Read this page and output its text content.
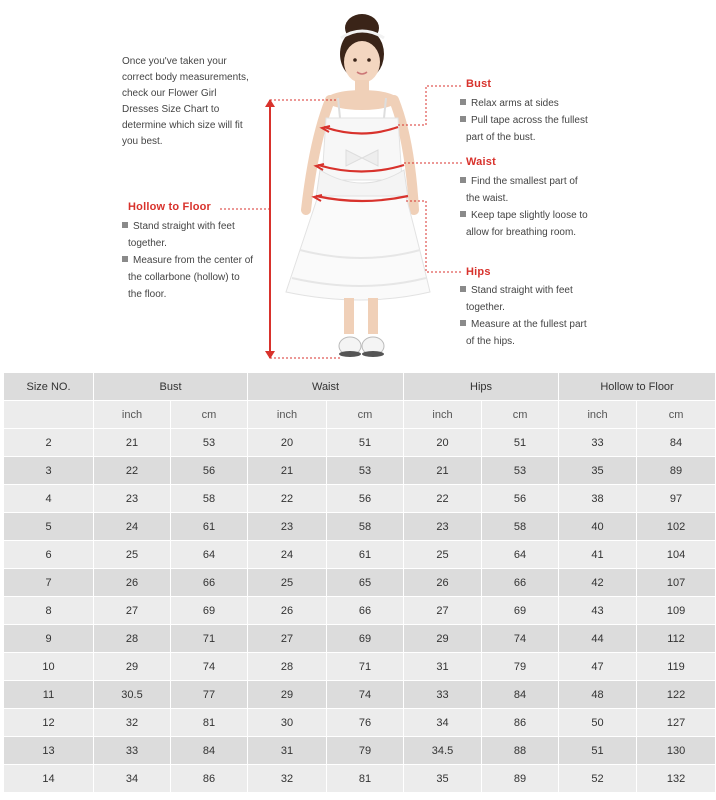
Once you've taken your
correct body measurements,
check our Flower Girl
Dresses Size Chart to
determine which size will fit
you best.
Bust
Relax arms at sides
Pull tape across the fullest
part of the bust.
Waist
Find the smallest part of
the waist.
Keep tape slightly loose to
allow for breathing room.
Hips
Stand straight with feet
together.
Measure at the fullest part
of the hips.
Hollow to Floor
Stand straight with feet
together.
Measure from the center of
the collarbone (hollow) to
the floor.
Size NO.	Bust		Waist		Hips		Hollow to Floor	
	inch	cm	inch	cm	inch	cm	inch	cm
2	21	53	20	51	20	51	33	84
3	22	56	21	53	21	53	35	89
4	23	58	22	56	22	56	38	97
5	24	61	23	58	23	58	40	102
6	25	64	24	61	25	64	41	104
7	26	66	25	65	26	66	42	107
8	27	69	26	66	27	69	43	109
9	28	71	27	69	29	74	44	112
10	29	74	28	71	31	79	47	119
11	30.5	77	29	74	33	84	48	122
12	32	81	30	76	34	86	50	127
13	33	84	31	79	34.5	88	51	130
14	34	86	32	81	35	89	52	132
